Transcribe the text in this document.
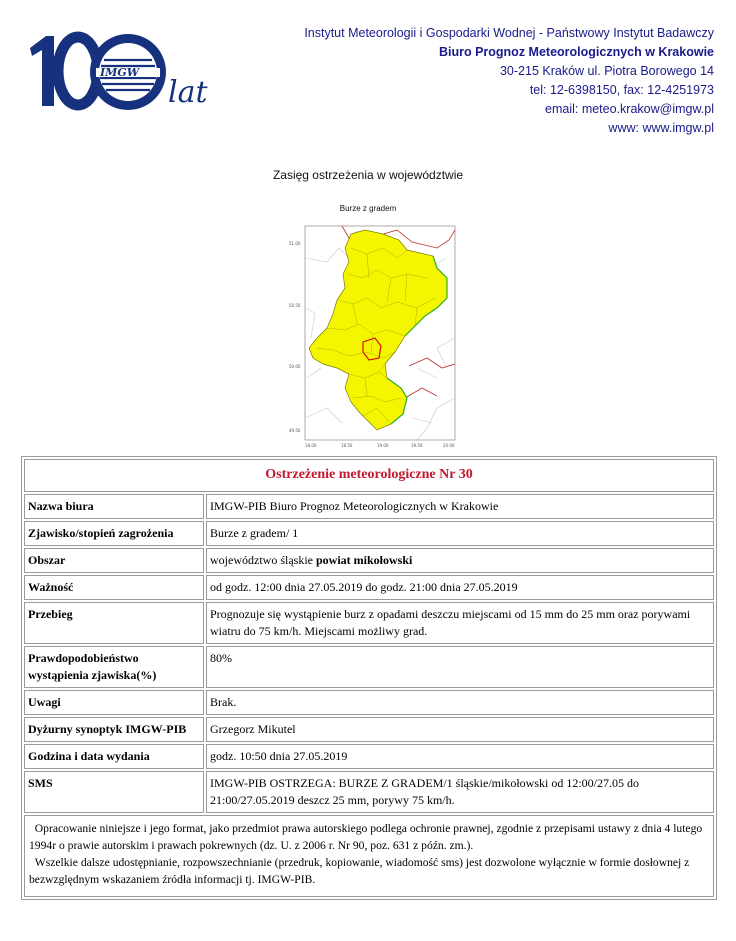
IMGW
lat
Instytut Meteorologii i Gospodarki Wodnej - Państwowy Instytut Badawczy
Biuro Prognoz Meteorologicznych w Krakowie
30-215 Kraków ul. Piotra Borowego 14
tel: 12-6398150, fax: 12-4251973
email: meteo.krakow@imgw.pl
www: www.imgw.pl
Zasięg ostrzeżenia w województwie
Burze z gradem
51.00
50.50
50.00
49.50
18.00	18.50	19.00	19.50	20.00
Ostrzeżenie meteorologiczne Nr 30	
Nazwa biura	IMGW-PIB Biuro Prognoz Meteorologicznych w Krakowie
Zjawisko/stopień zagrożenia	Burze z gradem/ 1
Obszar	województwo śląskie powiat mikołowski
Ważność	od godz. 12:00 dnia 27.05.2019 do godz. 21:00 dnia 27.05.2019
Przebieg	Prognozuje się wystąpienie burz z opadami deszczu miejscami od 15 mm do 25 mm oraz porywami wiatru do 75 km/h. Miejscami możliwy grad.
Prawdopodobieństwo wystąpienia zjawiska(%)	80%
Uwagi	Brak.
Dyżurny synoptyk IMGW-PIB	Grzegorz Mikutel
Godzina i data wydania	godz. 10:50 dnia 27.05.2019
SMS	IMGW-PIB OSTRZEGA: BURZE Z GRADEM/1 śląskie/mikołowski od 12:00/27.05 do 21:00/27.05.2019 deszcz 25 mm, porywy 75 km/h.

Opracowanie niniejsze i jego format, jako przedmiot prawa autorskiego podlega ochronie prawnej, zgodnie z przepisami ustawy z dnia 4 lutego 1994r o prawie autorskim i prawach pokrewnych (dz. U. z 2006 r. Nr 90, poz. 631 z późn. zm.).
Wszelkie dalsze udostępnianie, rozpowszechnianie (przedruk, kopiowanie, wiadomość sms) jest dozwolone wyłącznie w formie dosłownej z bezwzględnym wskazaniem źródła informacji tj. IMGW-PIB.	
